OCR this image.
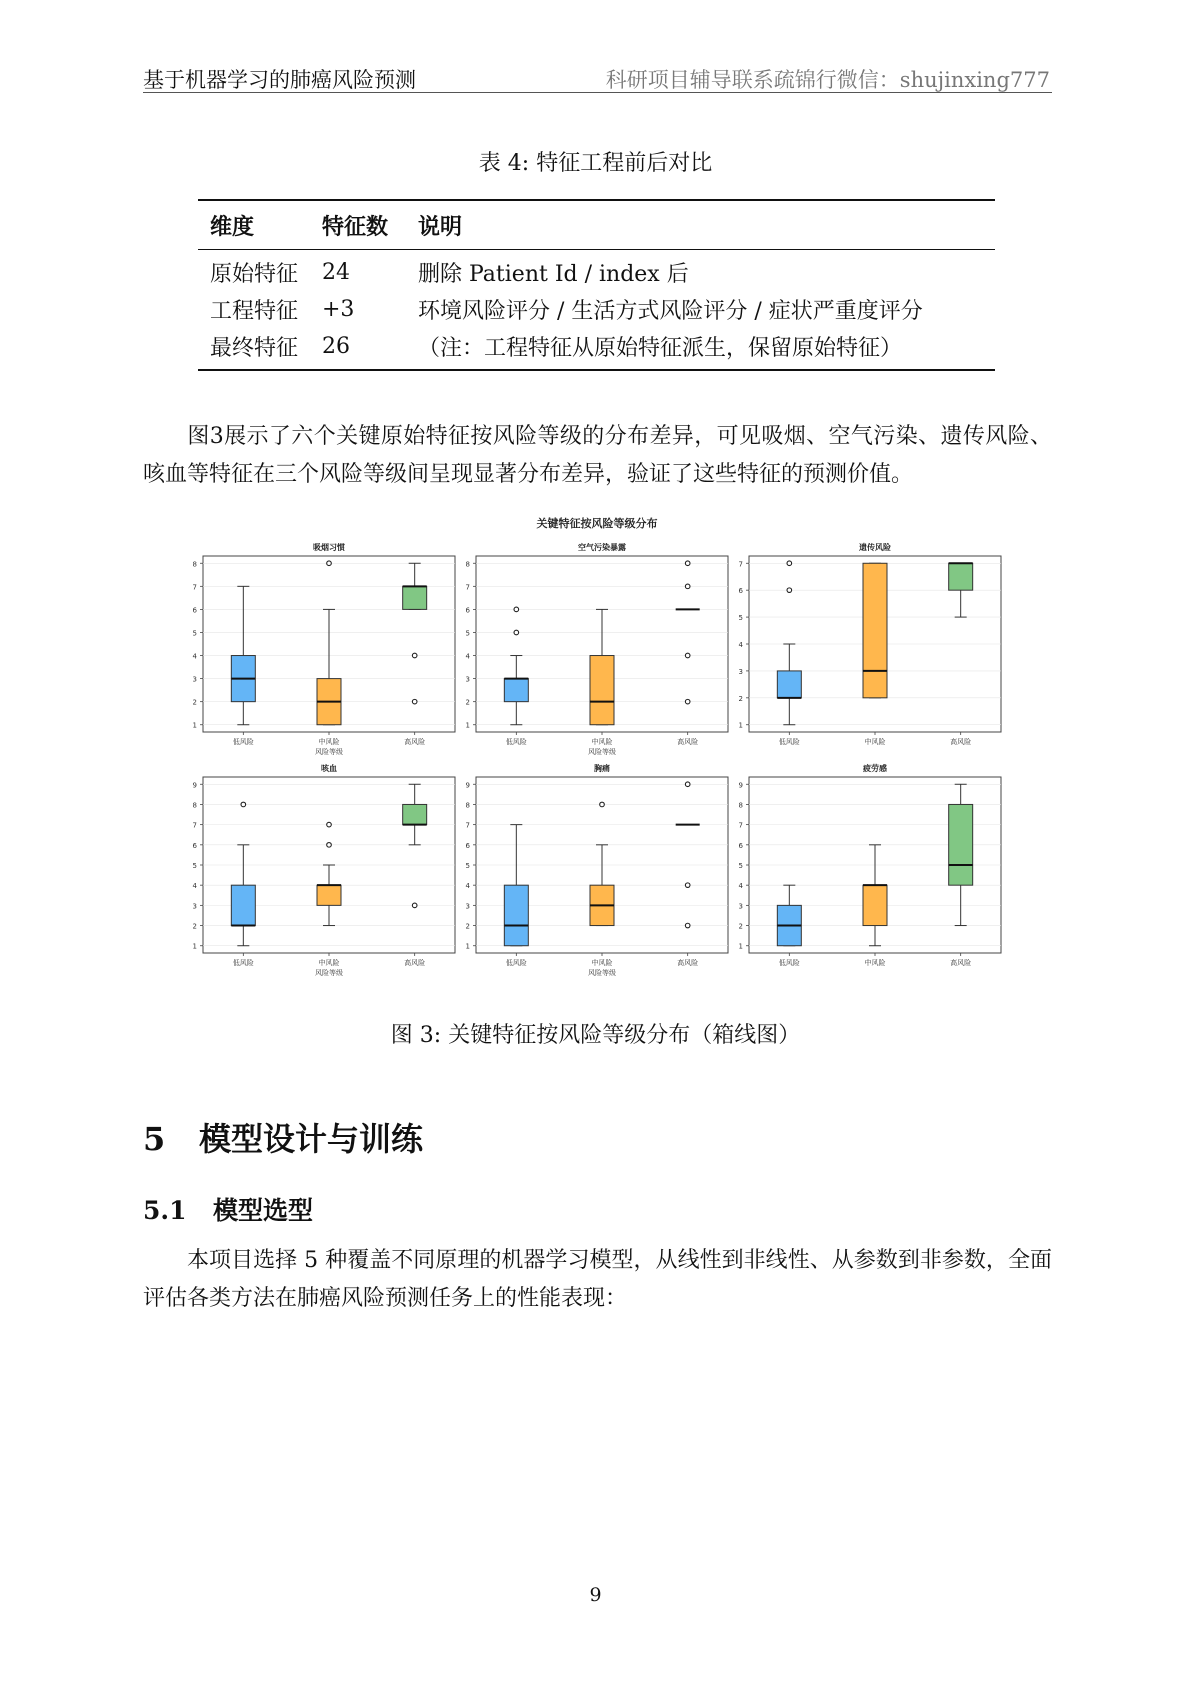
基于机器学习的肺癌风险预测	科研项目辅导联系疏锦行微信：shujinxing777
表 4: 特征工程前后对比
维度	特征数	说明
原始特征	24	删除 Patient Id / index 后
工程特征	+3	环境风险评分 / 生活方式风险评分 / 症状严重度评分
最终特征	26	（注：工程特征从原始特征派生，保留原始特征）
图3展示了六个关键原始特征按风险等级的分布差异，可见吸烟、空气污染、遗传风险、咳血等特征在三个风险等级间呈现显著分布差异，验证了这些特征的预测价值。
关键特征按风险等级分布
吸烟习惯
1
2
3
4
5
6
7
8
低风险	中风险	高风险
风险等级
空气污染暴露
1
2
3
4
5
6
7
8
低风险	中风险	高风险
风险等级
遗传风险
1
2
3
4
5
6
7
低风险	中风险	高风险
咳血
1
2
3
4
5
6
7
8
9
低风险	中风险	高风险
风险等级
胸痛
1
2
3
4
5
6
7
8
9
低风险	中风险	高风险
风险等级
疲劳感
1
2
3
4
5
6
7
8
9
低风险	中风险	高风险
图 3: 关键特征按风险等级分布（箱线图）
5 模型设计与训练
5.1 模型选型
本项目选择 5 种覆盖不同原理的机器学习模型，从线性到非线性、从参数到非参数，全面评估各类方法在肺癌风险预测任务上的性能表现：
9
